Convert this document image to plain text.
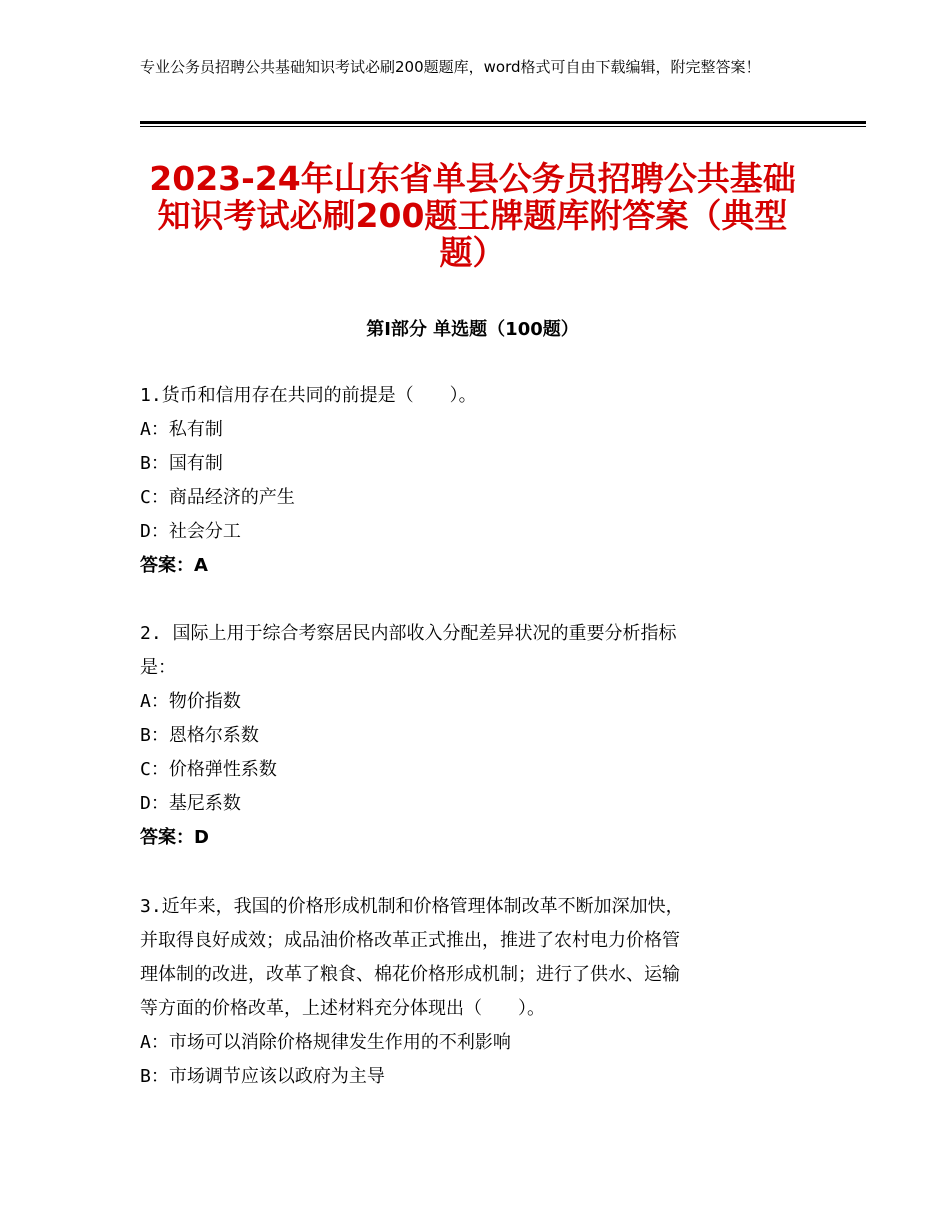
专业公务员招聘公共基础知识考试必刷200题题库，word格式可自由下载编辑，附完整答案！
2023-24年山东省单县公务员招聘公共基础知识考试必刷200题王牌题库附答案（典型题）
第Ⅰ部分 单选题（100题）
1.货币和信用存在共同的前提是（　　）。
A：私有制
B：国有制
C：商品经济的产生
D：社会分工
答案：A
2. 国际上用于综合考察居民内部收入分配差异状况的重要分析指标
是：
A：物价指数
B：恩格尔系数
C：价格弹性系数
D：基尼系数
答案：D
3.近年来，我国的价格形成机制和价格管理体制改革不断加深加快，
并取得良好成效；成品油价格改革正式推出，推进了农村电力价格管
理体制的改进，改革了粮食、棉花价格形成机制；进行了供水、运输
等方面的价格改革，上述材料充分体现出（　　）。
A：市场可以消除价格规律发生作用的不利影响
B：市场调节应该以政府为主导
